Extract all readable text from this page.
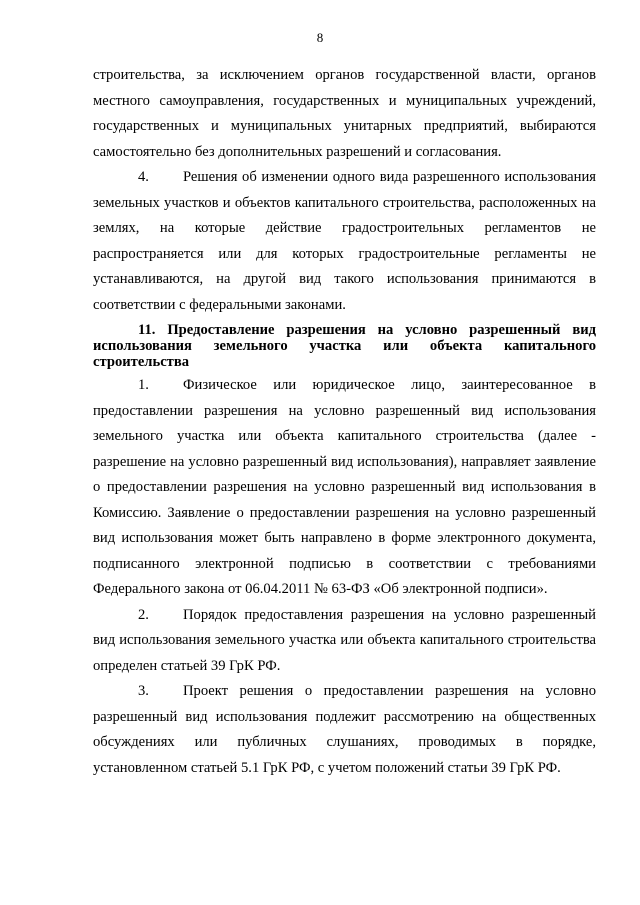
8

строительства, за исключением органов государственной власти, органов местного самоуправления, государственных и муниципальных учреждений, государственных и муниципальных унитарных предприятий, выбираются самостоятельно без дополнительных разрешений и согласования.

4. Решения об изменении одного вида разрешенного использования земельных участков и объектов капитального строительства, расположенных на землях, на которые действие градостроительных регламентов не распространяется или для которых градостроительные регламенты не устанавливаются, на другой вид такого использования принимаются в соответствии с федеральными законами.

11. Предоставление разрешения на условно разрешенный вид использования земельного участка или объекта капитального строительства

1. Физическое или юридическое лицо, заинтересованное в предоставлении разрешения на условно разрешенный вид использования земельного участка или объекта капитального строительства (далее - разрешение на условно разрешенный вид использования), направляет заявление о предоставлении разрешения на условно разрешенный вид использования в Комиссию. Заявление о предоставлении разрешения на условно разрешенный вид использования может быть направлено в форме электронного документа, подписанного электронной подписью в соответствии с требованиями Федерального закона от 06.04.2011 № 63-ФЗ «Об электронной подписи».

2. Порядок предоставления разрешения на условно разрешенный вид использования земельного участка или объекта капитального строительства определен статьей 39 ГрК РФ.

3. Проект решения о предоставлении разрешения на условно разрешенный вид использования подлежит рассмотрению на общественных обсуждениях или публичных слушаниях, проводимых в порядке, установленном статьей 5.1 ГрК РФ, с учетом положений статьи 39 ГрК РФ.
